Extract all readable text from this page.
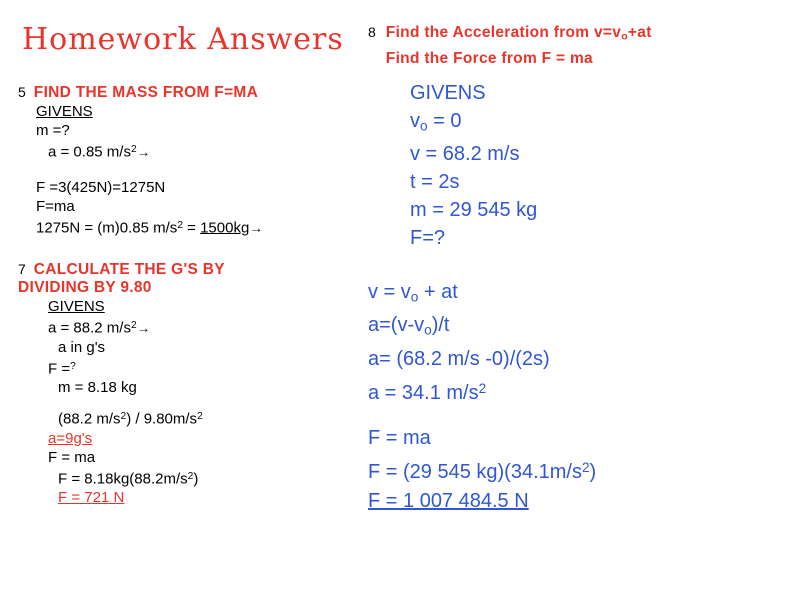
Homework Answers
5 FIND THE MASS FROM F=MA
GIVENS
m =?
a = 0.85 $m/s^2\to$
F =3(425N)=1275N
F=ma
1275N = (m)0.85 $m/s^2 = 1500kg\to$
7 CALCULATE THE G'S BY
DIVIDING BY 9.80
GIVENS
a = 88.2 $m/s^2\to$
a in g's
F =?
m = 8.18 kg
(88.2 $m/s^2) / 9.80m/s^2$
a=9g's
F = ma
$F = 8.18kg(88.2m/s^2)$
F = 721 N
8 Find the Acceleration from $v=v_o+at$
Find the Force from F = ma
GIVENS
$v_o = 0$
v = 68.2 m/s
t = 2s
m = 29 545 kg
F=?
$v = v_o$ + at
$a=(v-v_o)/t$
a= (68.2 m/s -0)/(2s)
a = 34.1 $m/s^2$
F = ma
F = (29 545 $kg)(34.1m/s^2)$
F = 1 007 484.5 N
